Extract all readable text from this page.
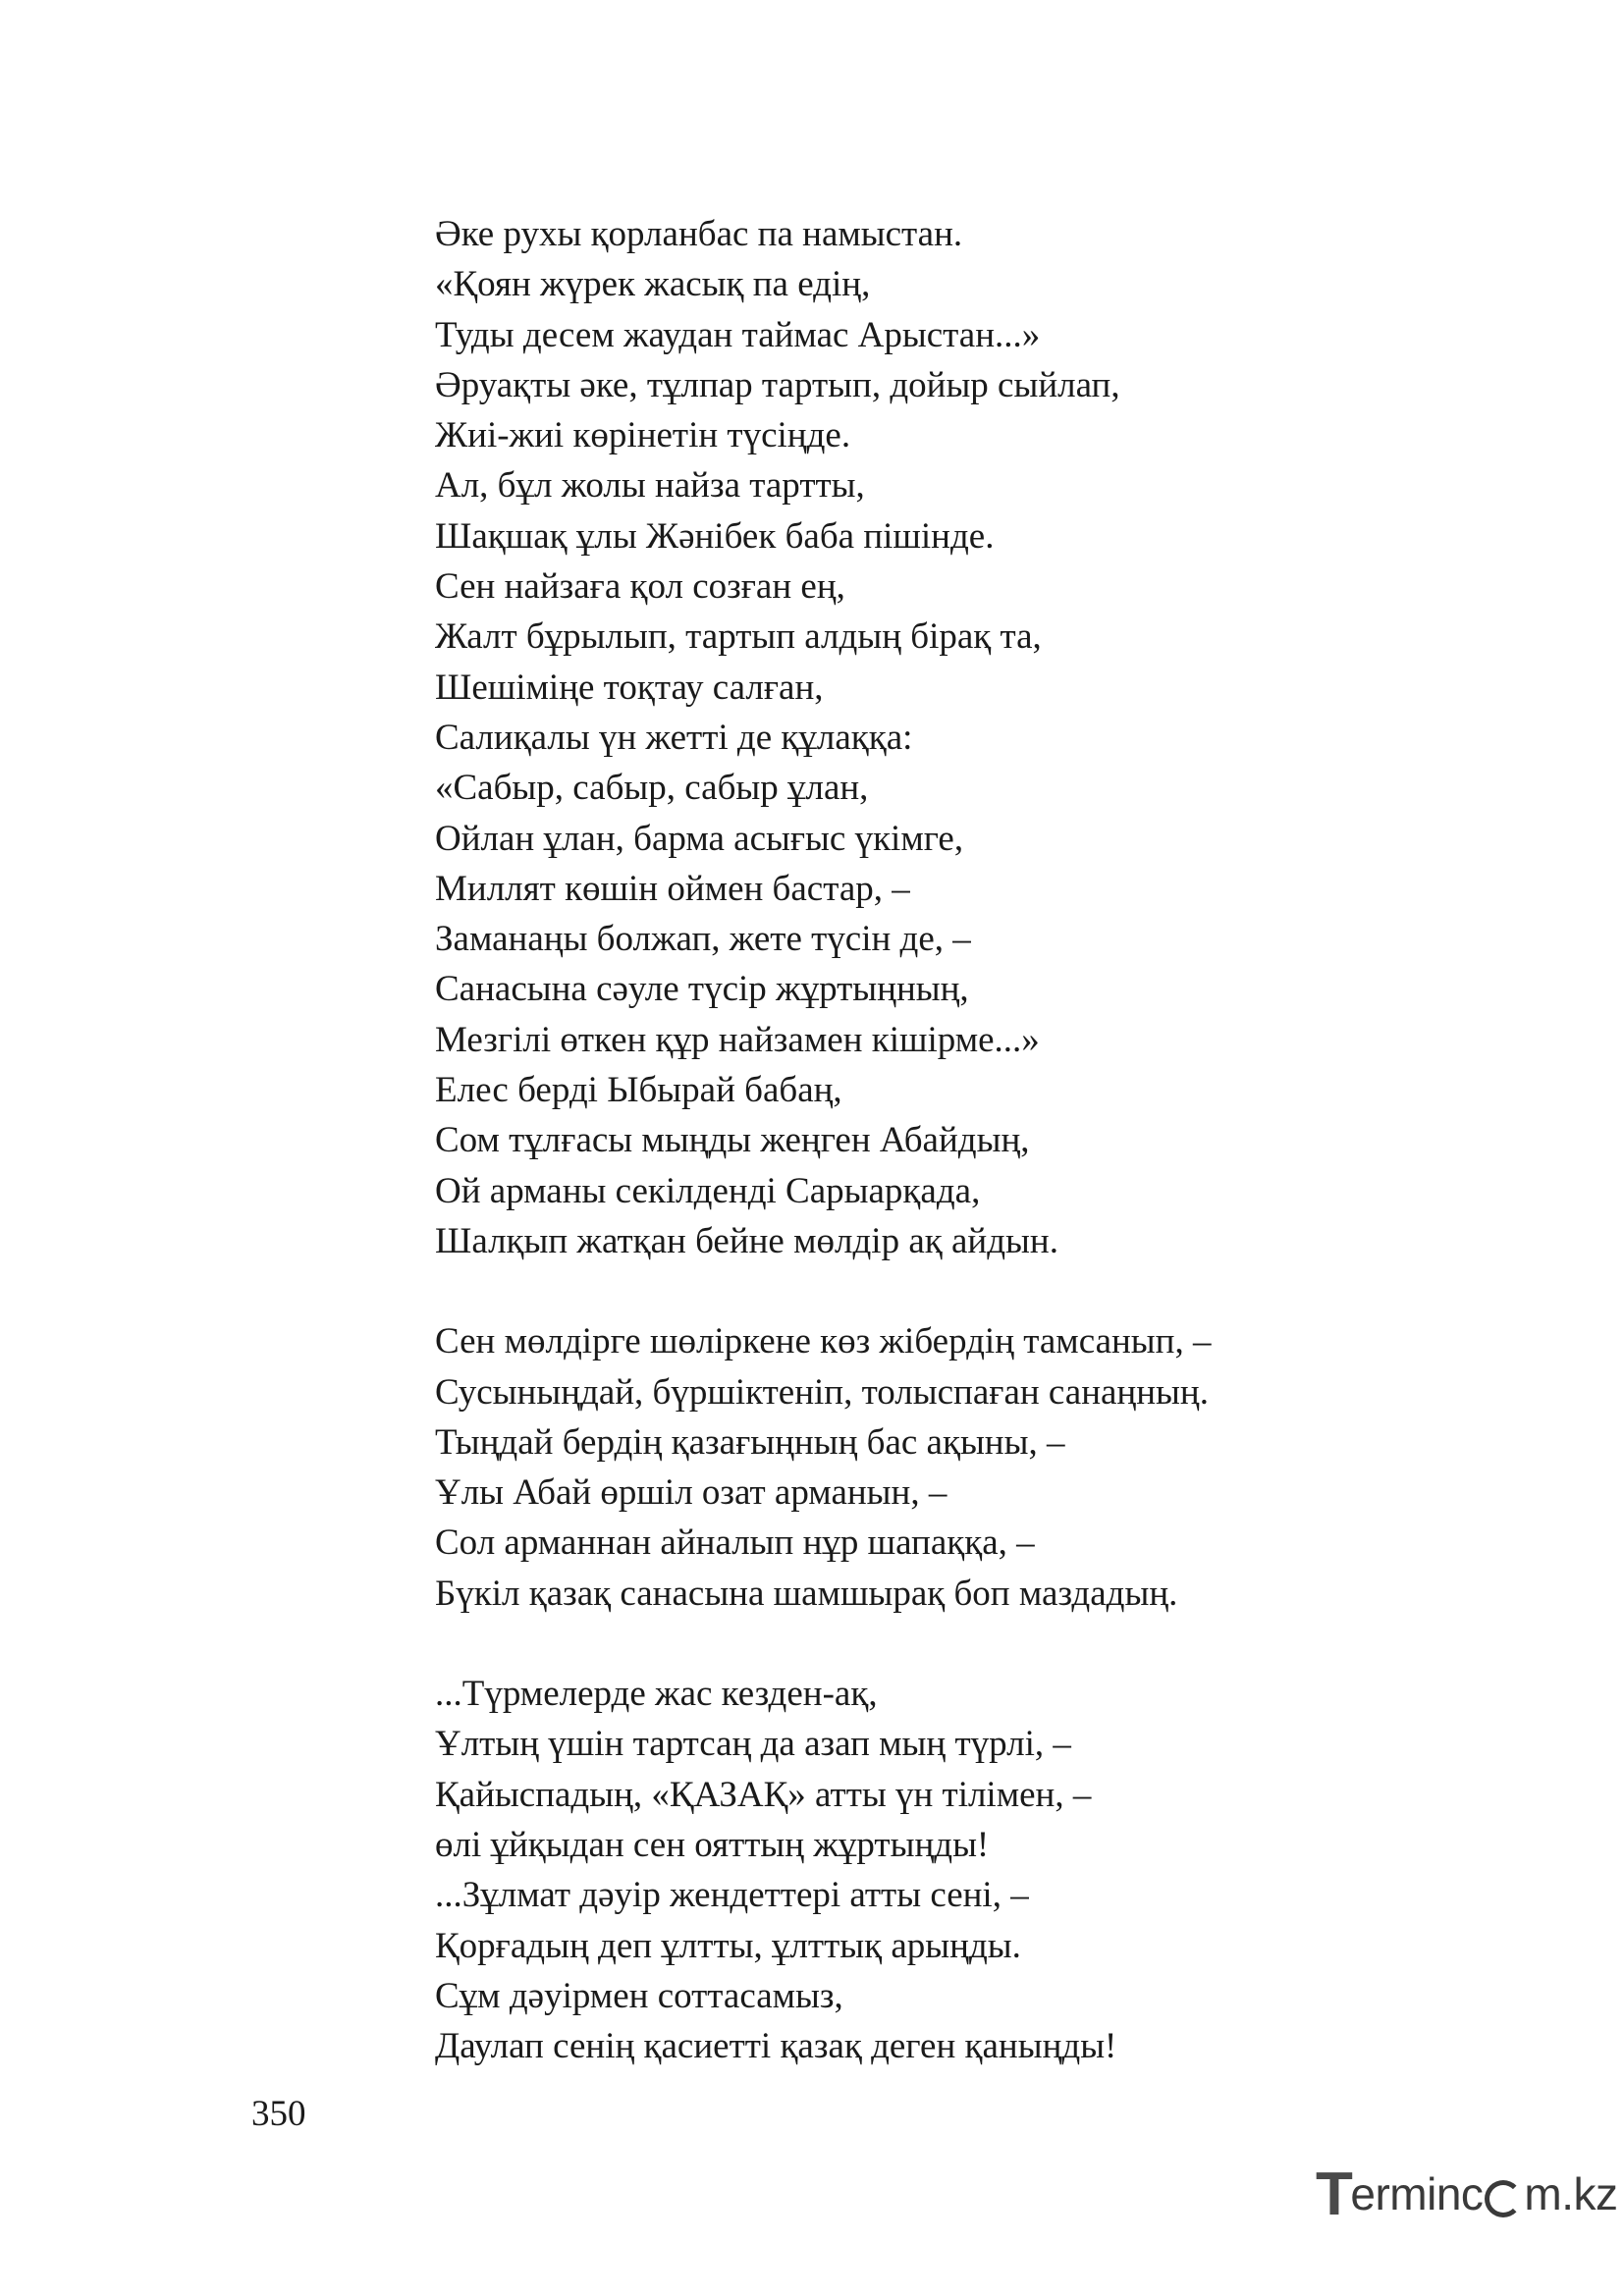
Әке рухы қорланбас па намыстан.
«Қоян жүрек жасық па едің,
Туды десем жаудан таймас Арыстан...»
Әруақты әке, тұлпар тартып, дойыр сыйлап,
Жиі-жиі көрінетін түсіңде.
Ал, бұл жолы найза тартты,
Шақшақ ұлы Жәнібек баба пішінде.
Сен найзаға қол созған ең,
Жалт бұрылып, тартып алдың бірақ та,
Шешіміңе тоқтау салған,
Салиқалы үн жетті де құлаққа:
«Сабыр, сабыр, сабыр ұлан,
Ойлан ұлан, барма асығыс үкімге,
Миллят көшін оймен бастар, –
Заманаңы болжап, жете түсін де, –
Санасына сәуле түсір жұртыңның,
Мезгілі өткен құр найзамен кішірме...»
Елес берді Ыбырай бабаң,
Сом тұлғасы мыңды жеңген Абайдың,
Ой арманы секілденді Сарыарқада,
Шалқып жатқан бейне мөлдір ақ айдын.
Сен мөлдірге шөліркене көз жібердің тамсанып, –
Сусыныңдай, бүршіктеніп, толыспаған санаңның.
Тыңдай бердің қазағыңның бас ақыны, –
Ұлы Абай өршіл озат арманын, –
Сол арманнан айналып нұр шапаққа, –
Бүкіл қазақ санасына шамшырақ боп маздадың.
...Түрмелерде жас кезден-ақ,
Ұлтың үшін тартсаң да азап мың түрлі, –
Қайыспадың, «ҚАЗАҚ» атты үн тілімен, –
өлі ұйқыдан сен ояттың жұртыңды!
...Зұлмат дәуір жендеттері атты сені, –
Қорғадың деп ұлтты, ұлттық арыңды.
Сұм дәуірмен соттасамыз,
Даулап сенің қасиетті қазақ деген қаныңды!
350
T
erminc m.kz
